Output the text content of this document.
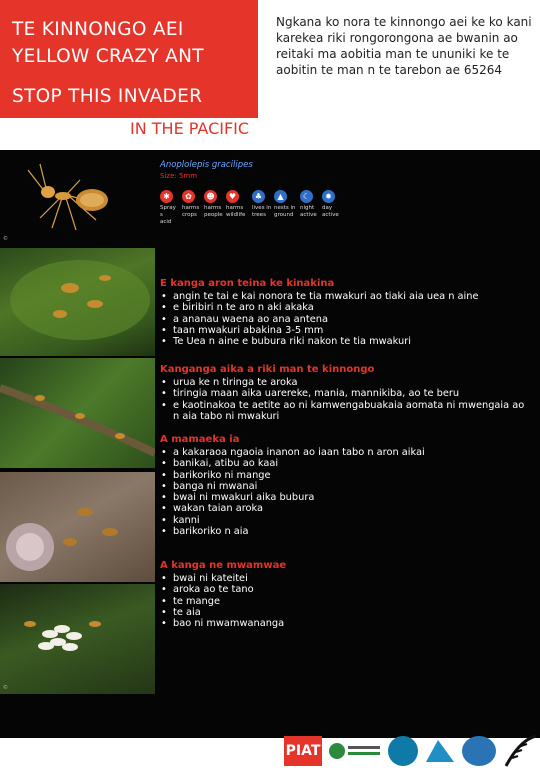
TE KINNONGO AEI
YELLOW CRAZY ANT
STOP THIS INVADER
Ngkana ko nora te kinnongo aei ke ko kani karekea riki rongorongona ae bwanin ao reitaki ma aobitia man te ununiki ke te aobitin te man n te tarebon ae 65264
IN THE PACIFIC
©
©
Anoplolepis gracilipes
Size: 5mm
✱
Spray
s
acid
✿
harms
crops
☻
harms
people
♥
harms
wildlife
♣
lives in
trees
▲
nests in
ground
☾
night
active
✹
day
active
E kanga aron teina ke kinakina
• angin te tai e kai nonora te tia mwakuri ao tiaki aia uea n aine
• e biribiri n te aro n aki akaka
• a ananau waena ao ana antena
• taan mwakuri abakina 3-5 mm
• Te Uea n aine e bubura riki nakon te tia mwakuri
Kanganga aika a riki man te kinnongo
• urua ke n tiringa te aroka
• tiringia maan aika uarereke, mania, mannikiba, ao te beru
• e kaotinakoa te aetite ao ni kamwengabuakaia aomata ni mwengaia ao n aia tabo ni mwakuri
A mamaeka ia
• a kakaraoa ngaoia inanon ao iaan tabo n aron aikai
• banikai, atibu ao kaai
• barikoriko ni mange
• banga ni mwanai
• bwai ni mwakuri aika bubura
• wakan taian aroka
• kanni
• barikoriko n aia
A kanga ne mwamwae
• bwai ni kateitei
• aroka ao te tano
• te mange
• te aia
• bao ni mwamwananga
PIAT
